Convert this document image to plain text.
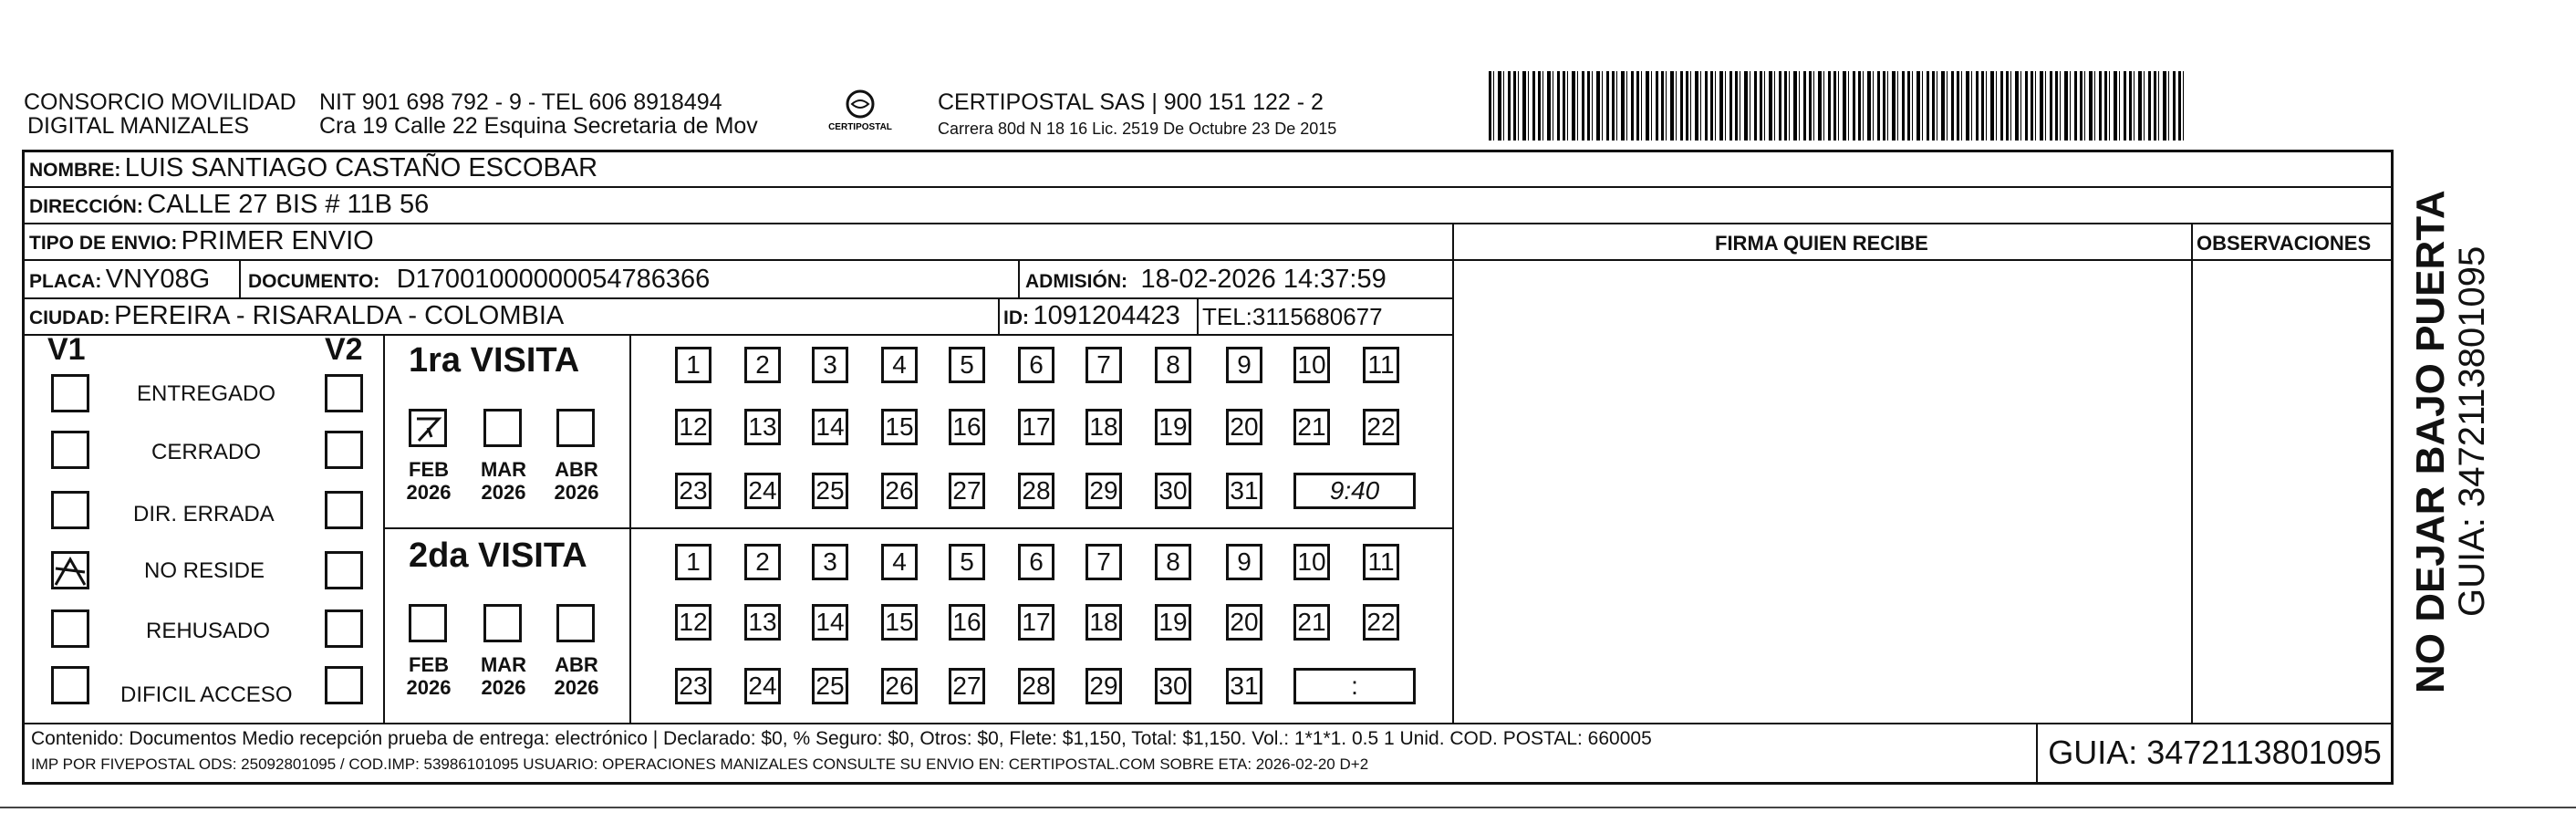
CONSORCIO MOVILIDAD
DIGITAL MANIZALES
NIT 901 698 792 - 9 - TEL 606 8918494
Cra 19 Calle 22 Esquina Secretaria de Mov	CERTIPOSTAL
CERTIPOSTAL SAS | 900 151 122 - 2
Carrera 80d N 18 16 Lic. 2519 De Octubre 23 De 2015
NOMBRE: LUIS SANTIAGO CASTAÑO ESCOBAR
DIRECCIÓN: CALLE 27 BIS # 11B 56
TIPO DE ENVIO: PRIMER ENVIO	FIRMA QUIEN RECIBE	OBSERVACIONES
PLACA: VNY08G DOCUMENTO: D17001000000054786366	ADMISIÓN: 18-02-2026 14:37:59
CIUDAD: PEREIRA - RISARALDA - COLOMBIA	ID: 1091204423 TEL:3115680677
V1	V2
ENTREGADO
CERRADO
DIR. ERRADA
NO RESIDE
REHUSADO
DIFICIL ACCESO
1ra VISITA
2da VISITA
FEB
2026
MAR
2026
ABR
2026
FEB
2026
MAR
2026
ABR
2026
1	2	3	4	5	6	7	8	9	10 11
12 13 14 15 16 17 18 19 20 21 22
23 24 25 26 27 28 29 30 31
1	2	3	4	5	6	7	8	9	10 11
12 13 14 15 16 17 18 19 20 21 22
23 24 25 26 27 28 29 30 31
9:40
:
Contenido: Documentos Medio recepción prueba de entrega: electrónico | Declarado: $0, % Seguro: $0, Otros: $0, Flete: $1,150, Total: $1,150. Vol.: 1*1*1. 0.5 1 Unid. COD. POSTAL: 660005
IMP POR FIVEPOSTAL ODS: 25092801095 / COD.IMP: 53986101095 USUARIO: OPERACIONES MANIZALES CONSULTE SU ENVIO EN: CERTIPOSTAL.COM SOBRE ETA: 2026-02-20 D+2	GUIA: 3472113801095
NO DEJAR BAJO PUERTA GUIA: 3472113801095
